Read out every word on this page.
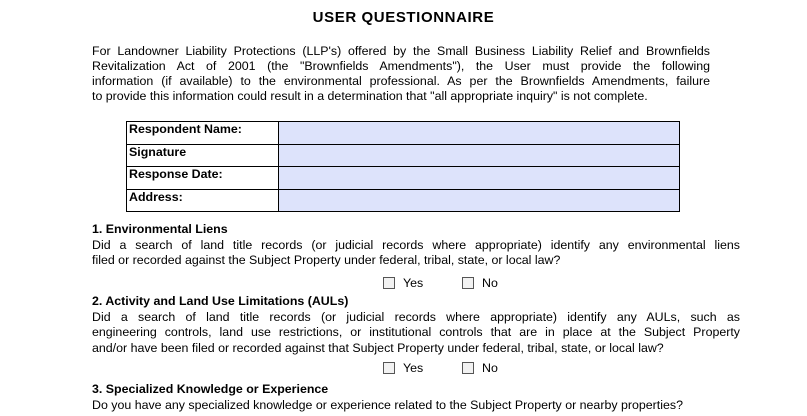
USER QUESTIONNAIRE
For Landowner Liability Protections (LLP's) offered by the Small Business Liability Relief and Brownfields
Revitalization Act of 2001 (the "Brownfields Amendments"), the User must provide the following
information (if available) to the environmental professional. As per the Brownfields Amendments, failure
to provide this information could result in a determination that "all appropriate inquiry" is not complete.
Respondent Name:	
Signature	
Response Date:	
Address:	
1. Environmental Liens
Did a search of land title records (or judicial records where appropriate) identify any environmental liens
filed or recorded against the Subject Property under federal, tribal, state, or local law?
Yes	No
2. Activity and Land Use Limitations (AULs)
Did a search of land title records (or judicial records where appropriate) identify any AULs, such as
engineering controls, land use restrictions, or institutional controls that are in place at the Subject Property
and/or have been filed or recorded against that Subject Property under federal, tribal, state, or local law?
Yes	No
3. Specialized Knowledge or Experience
Do you have any specialized knowledge or experience related to the Subject Property or nearby properties?
